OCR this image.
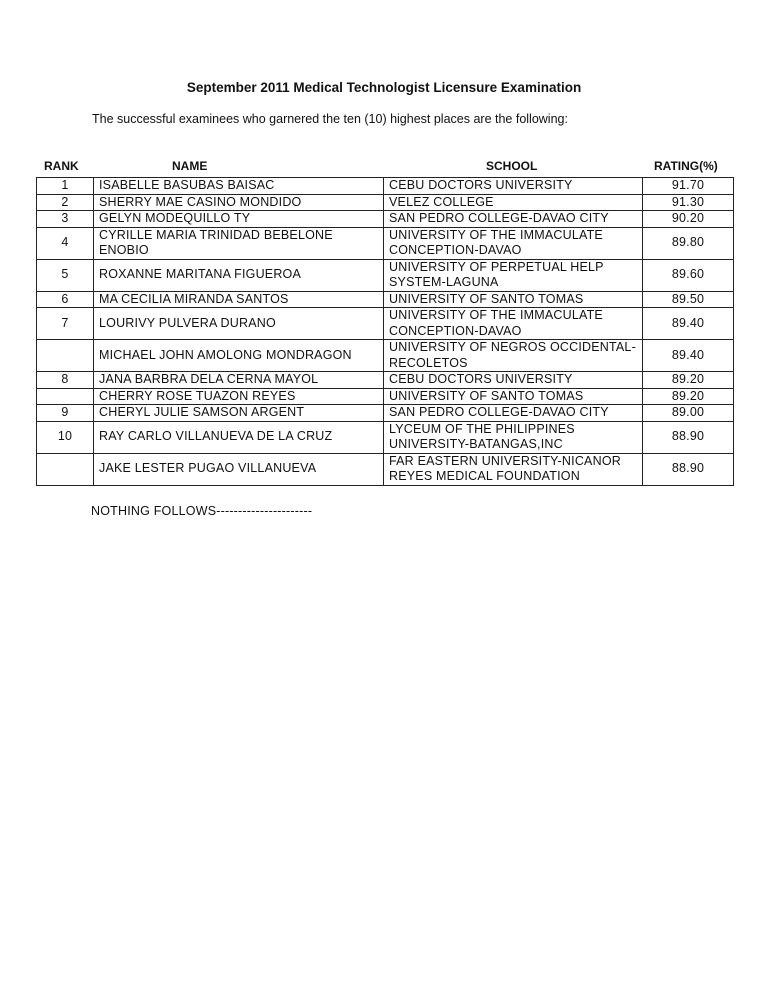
September 2011 Medical Technologist Licensure Examination

The successful examinees who garnered the ten (10) highest places are the following:

RANK	NAME	SCHOOL	RATING(%)
1	ISABELLE BASUBAS BAISAC	CEBU DOCTORS UNIVERSITY	91.70
2	SHERRY MAE CASINO MONDIDO	VELEZ COLLEGE	91.30
3	GELYN MODEQUILLO TY	SAN PEDRO COLLEGE-DAVAO CITY	90.20
4	CYRILLE MARIA TRINIDAD BEBELONE ENOBIO	UNIVERSITY OF THE IMMACULATE CONCEPTION-DAVAO	89.80
5	ROXANNE MARITANA FIGUEROA	UNIVERSITY OF PERPETUAL HELP SYSTEM-LAGUNA	89.60
6	MA CECILIA MIRANDA SANTOS	UNIVERSITY OF SANTO TOMAS	89.50
7	LOURIVY PULVERA DURANO	UNIVERSITY OF THE IMMACULATE CONCEPTION-DAVAO	89.40
	MICHAEL JOHN AMOLONG MONDRAGON	UNIVERSITY OF NEGROS OCCIDENTAL-RECOLETOS	89.40
8	JANA BARBRA DELA CERNA MAYOL	CEBU DOCTORS UNIVERSITY	89.20
	CHERRY ROSE TUAZON REYES	UNIVERSITY OF SANTO TOMAS	89.20
9	CHERYL JULIE SAMSON ARGENT	SAN PEDRO COLLEGE-DAVAO CITY	89.00
10	RAY CARLO VILLANUEVA DE LA CRUZ	LYCEUM OF THE PHILIPPINES UNIVERSITY-BATANGAS,INC	88.90
	JAKE LESTER PUGAO VILLANUEVA	FAR EASTERN UNIVERSITY-NICANOR REYES MEDICAL FOUNDATION	88.90

NOTHING FOLLOWS----------------------
